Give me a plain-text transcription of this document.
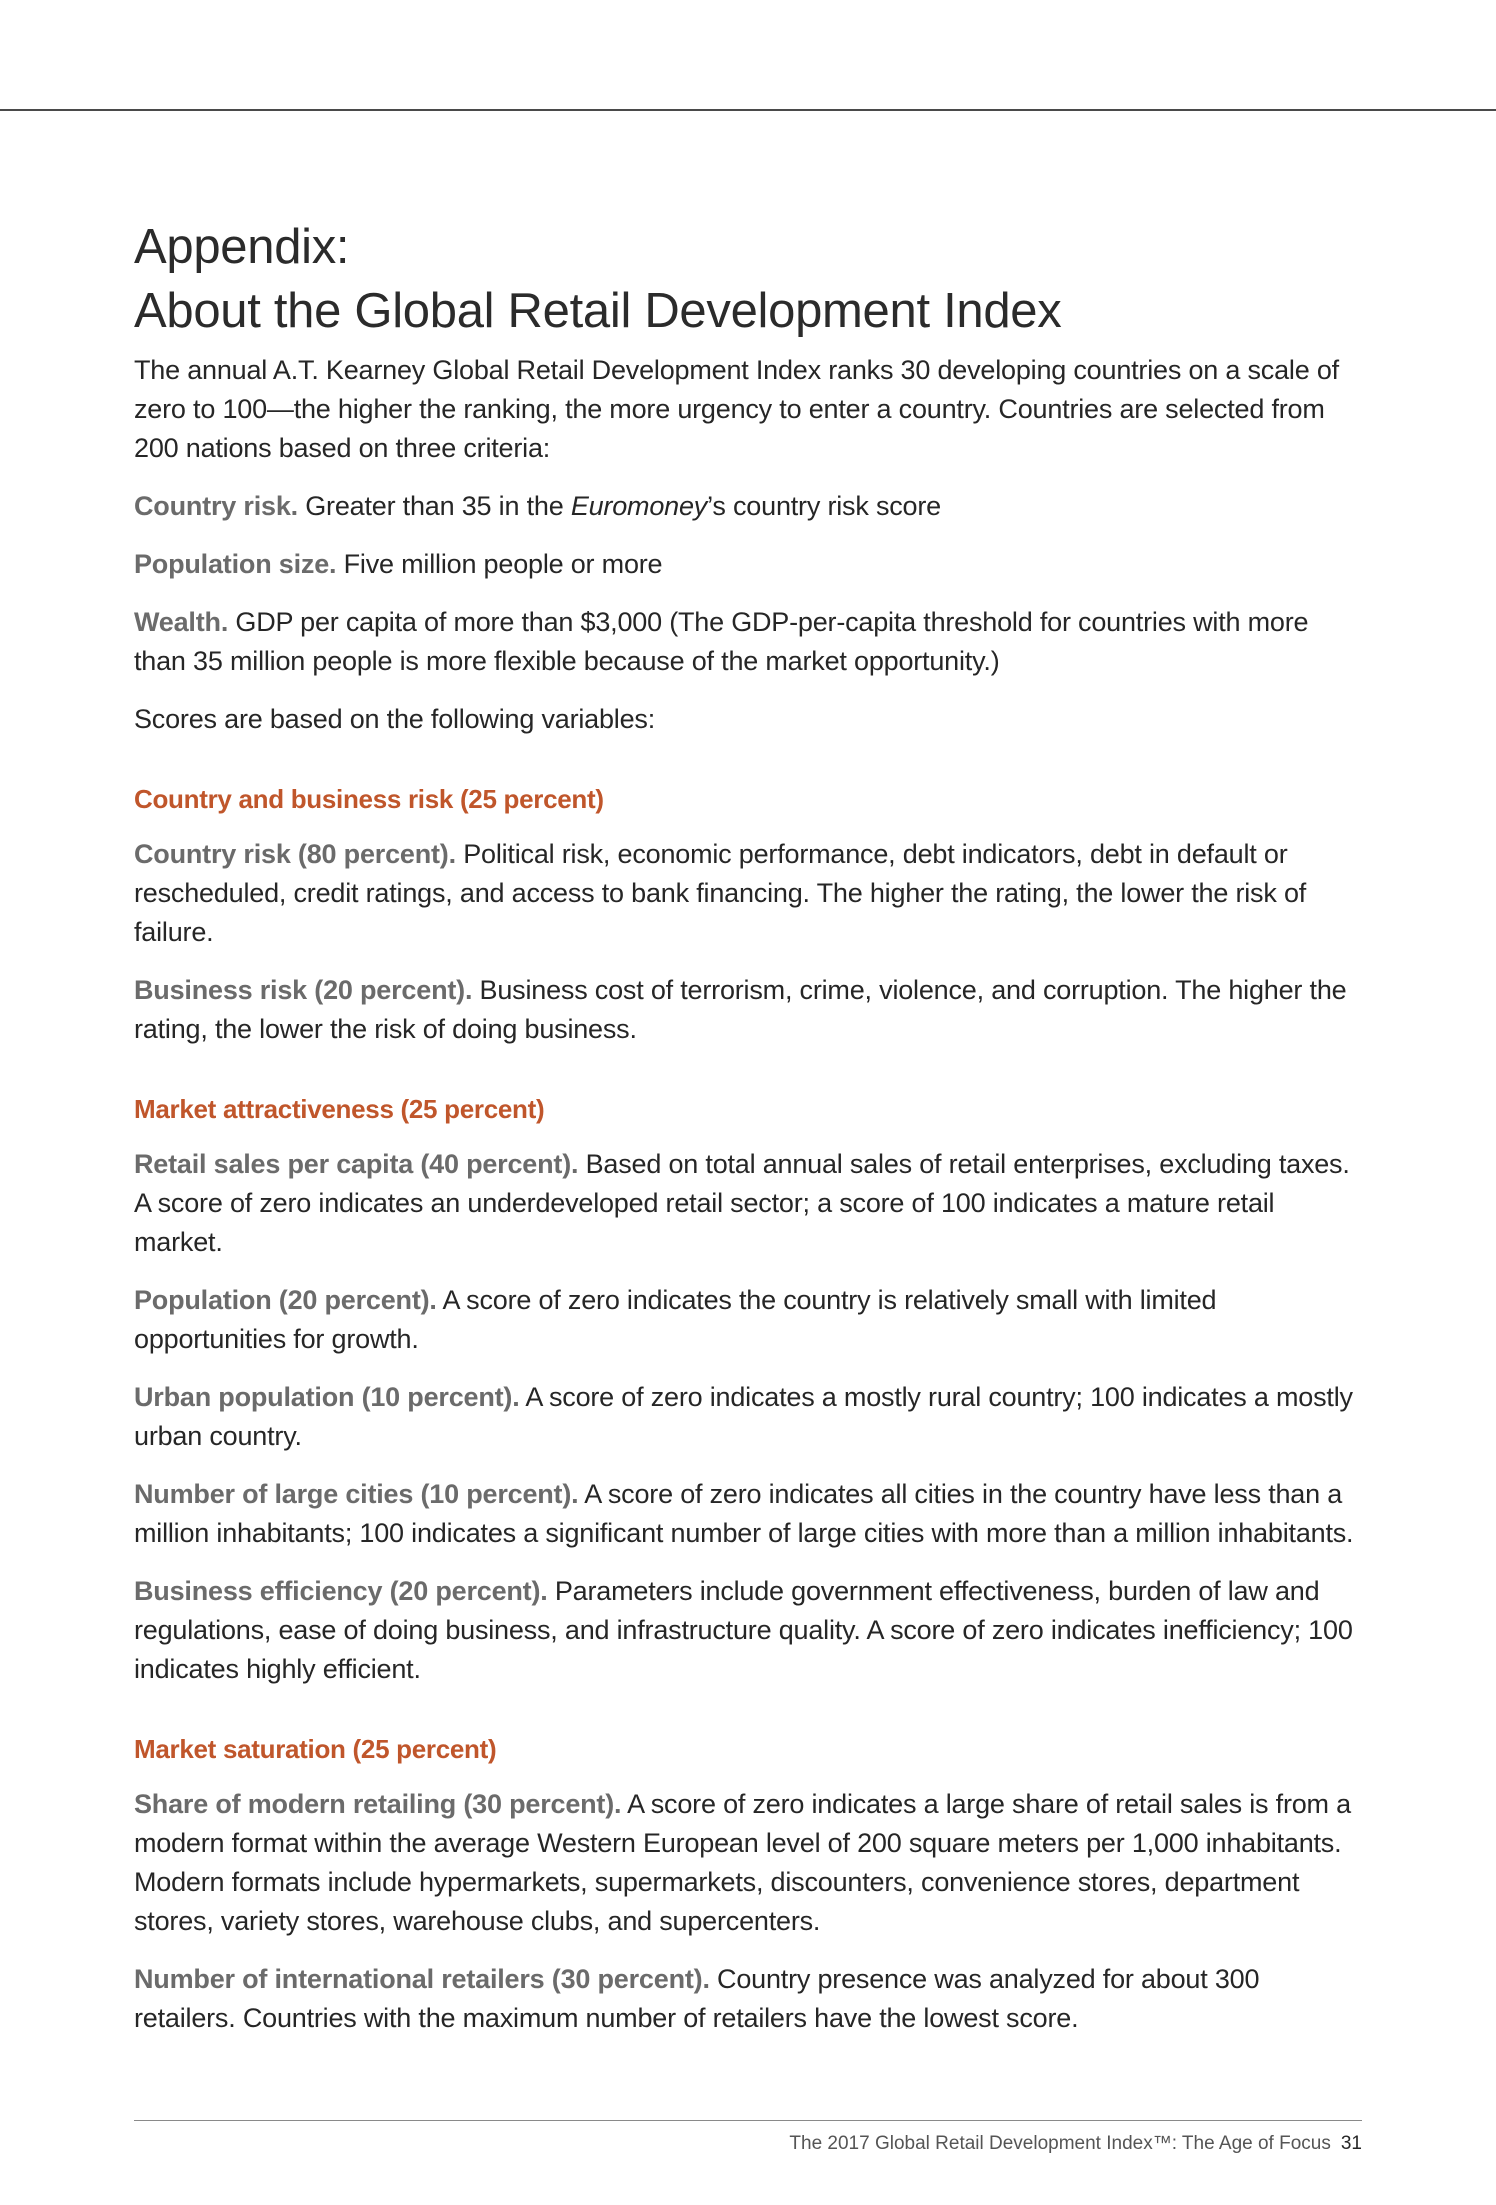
Appendix:
About the Global Retail Development Index

The annual A.T. Kearney Global Retail Development Index ranks 30 developing countries on a scale of zero to 100—the higher the ranking, the more urgency to enter a country. Countries are selected from 200 nations based on three criteria:

Country risk. Greater than 35 in the Euromoney’s country risk score

Population size. Five million people or more

Wealth. GDP per capita of more than $3,000 (The GDP-per-capita threshold for countries with more than 35 million people is more flexible because of the market opportunity.)

Scores are based on the following variables:

Country and business risk (25 percent)

Country risk (80 percent). Political risk, economic performance, debt indicators, debt in default or rescheduled, credit ratings, and access to bank financing. The higher the rating, the lower the risk of failure.

Business risk (20 percent). Business cost of terrorism, crime, violence, and corruption. The higher the rating, the lower the risk of doing business.

Market attractiveness (25 percent)

Retail sales per capita (40 percent). Based on total annual sales of retail enterprises, excluding taxes. A score of zero indicates an underdeveloped retail sector; a score of 100 indicates a mature retail market.

Population (20 percent). A score of zero indicates the country is relatively small with limited opportunities for growth.

Urban population (10 percent). A score of zero indicates a mostly rural country; 100 indicates a mostly urban country.

Number of large cities (10 percent). A score of zero indicates all cities in the country have less than a million inhabitants; 100 indicates a significant number of large cities with more than a million inhabitants.

Business efficiency (20 percent). Parameters include government effectiveness, burden of law and regulations, ease of doing business, and infrastructure quality. A score of zero indicates inefficiency; 100 indicates highly efficient.

Market saturation (25 percent)

Share of modern retailing (30 percent). A score of zero indicates a large share of retail sales is from a modern format within the average Western European level of 200 square meters per 1,000 inhabitants. Modern formats include hypermarkets, supermarkets, discounters, convenience stores, department stores, variety stores, warehouse clubs, and supercenters.

Number of international retailers (30 percent). Country presence was analyzed for about 300 retailers. Countries with the maximum number of retailers have the lowest score.

The 2017 Global Retail Development Index™: The Age of Focus 31
